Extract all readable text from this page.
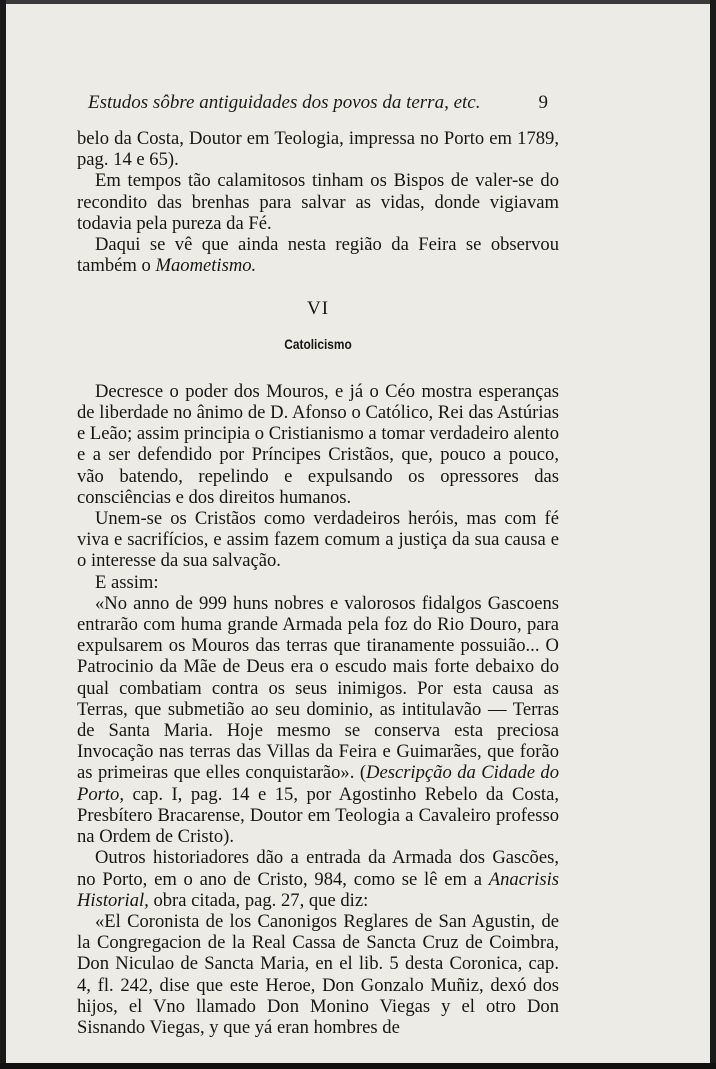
Estudos sôbre antiguidades dos povos da terra, etc.	9

belo da Costa, Doutor em Teologia, impressa no Porto em 1789, pag. 14 e 65).

Em tempos tão calamitosos tinham os Bispos de valer-se do recondito das brenhas para salvar as vidas, donde vigiavam todavia pela pureza da Fé.

Daqui se vê que ainda nesta região da Feira se observou também o Maometismo.

VI

Catolicismo

Decresce o poder dos Mouros, e já o Céo mostra esperanças de liberdade no ânimo de D. Afonso o Católico, Rei das Astúrias e Leão; assim principia o Cristianismo a tomar verdadeiro alento e a ser defendido por Príncipes Cristãos, que, pouco a pouco, vão batendo, repelindo e expulsando os opressores das consciências e dos direitos humanos.

Unem-se os Cristãos como verdadeiros heróis, mas com fé viva e sacrifícios, e assim fazem comum a justiça da sua causa e o interesse da sua salvação.

E assim:

«No anno de 999 huns nobres e valorosos fidalgos Gascoens entrarão com huma grande Armada pela foz do Rio Douro, para expulsarem os Mouros das terras que tiranamente possuião... O Patrocinio da Mãe de Deus era o escudo mais forte debaixo do qual combatiam contra os seus inimigos. Por esta causa as Terras, que submetião ao seu dominio, as intitulavão — Terras de Santa Maria. Hoje mesmo se conserva esta preciosa Invocação nas terras das Villas da Feira e Guimarães, que forão as primeiras que elles conquistarão». (Descripção da Cidade do Porto, cap. I, pag. 14 e 15, por Agostinho Rebelo da Costa, Presbítero Bracarense, Doutor em Teologia a Cavaleiro professo na Ordem de Cristo).

Outros historiadores dão a entrada da Armada dos Gascões, no Porto, em o ano de Cristo, 984, como se lê em a Anacrisis Historial, obra citada, pag. 27, que diz:

«El Coronista de los Canonigos Reglares de San Agustin, de la Congregacion de la Real Cassa de Sancta Cruz de Coimbra, Don Niculao de Sancta Maria, en el lib. 5 desta Coronica, cap. 4, fl. 242, dise que este Heroe, Don Gonzalo Muñiz, dexó dos hijos, el Vno llamado Don Monino Viegas y el otro Don Sisnando Viegas, y que yá eran hombres de
